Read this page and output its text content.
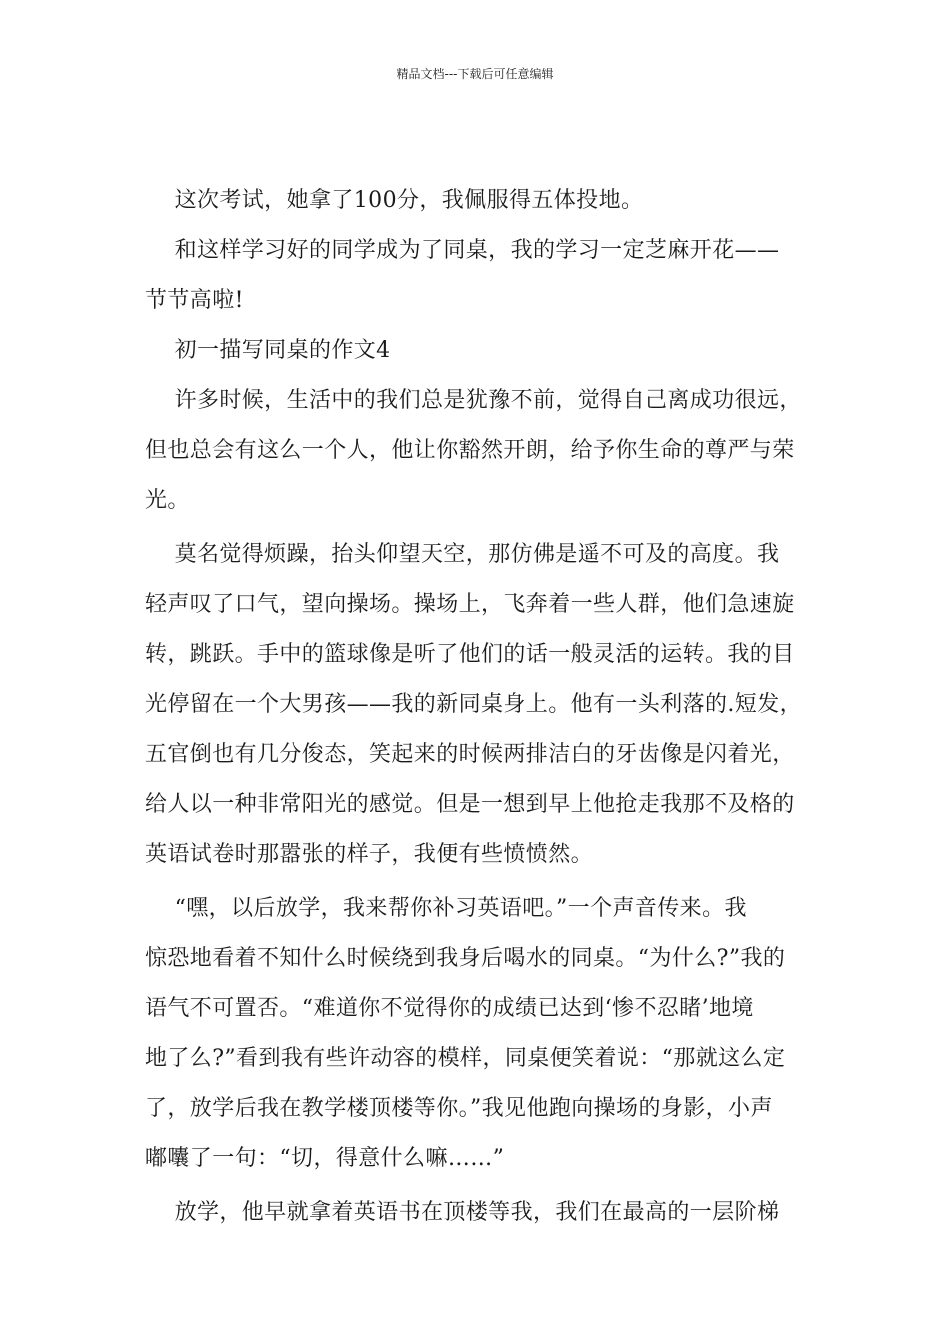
精品文档---下载后可任意编辑
这次考试，她拿了100分，我佩服得五体投地。
和这样学习好的同学成为了同桌，我的学习一定芝麻开花——
节节高啦!
初一描写同桌的作文4
许多时候，生活中的我们总是犹豫不前，觉得自己离成功很远，
但也总会有这么一个人，他让你豁然开朗，给予你生命的尊严与荣
光。
莫名觉得烦躁，抬头仰望天空，那仿佛是遥不可及的高度。我
轻声叹了口气，望向操场。操场上，飞奔着一些人群，他们急速旋
转，跳跃。手中的篮球像是听了他们的话一般灵活的运转。我的目
光停留在一个大男孩——我的新同桌身上。他有一头利落的.短发，
五官倒也有几分俊态，笑起来的时候两排洁白的牙齿像是闪着光，
给人以一种非常阳光的感觉。但是一想到早上他抢走我那不及格的
英语试卷时那嚣张的样子，我便有些愤愤然。
“嘿，以后放学，我来帮你补习英语吧。”一个声音传来。我
惊恐地看着不知什么时候绕到我身后喝水的同桌。“为什么?”我的
语气不可置否。“难道你不觉得你的成绩已达到‘惨不忍睹’地境
地了么?”看到我有些许动容的模样，同桌便笑着说：“那就这么定
了，放学后我在教学楼顶楼等你。”我见他跑向操场的身影，小声
嘟囔了一句：“切，得意什么嘛……”
放学，他早就拿着英语书在顶楼等我，我们在最高的一层阶梯
